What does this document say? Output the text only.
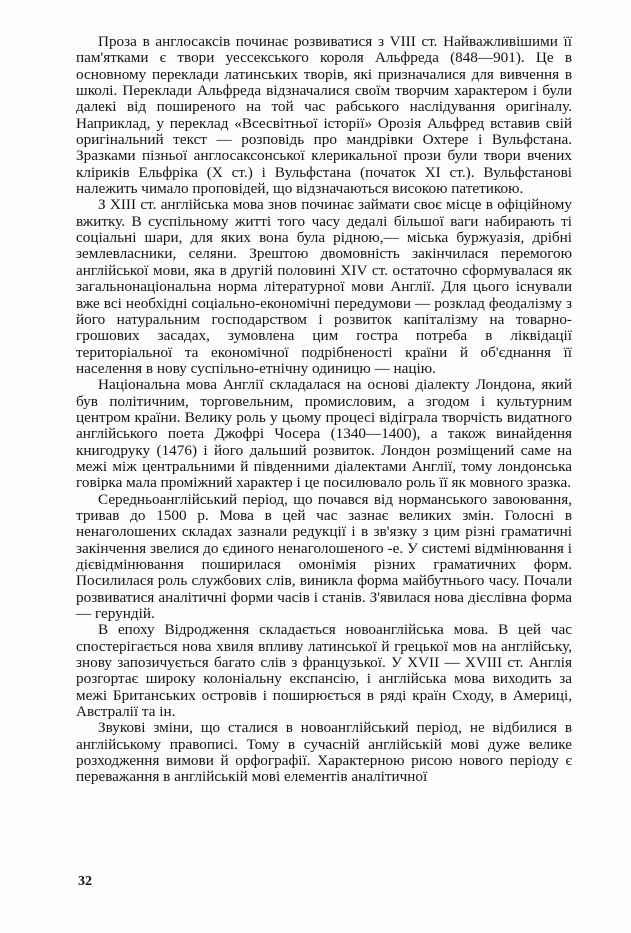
Проза в англосаксів починає розвиватися з VIII ст. Найважливішими її пам'ятками є твори уессекського короля Альфреда (848—901). Це в основному переклади латинських творів, які призначалися для вивчення в школі. Переклади Альфреда відзначалися своїм творчим характером і були далекі від поширеного на той час рабського наслідування оригіналу. Наприклад, у переклад «Всесвітньої історії» Орозія Альфред вставив свій оригінальний текст — розповідь про мандрівки Охтере і Вульфстана. Зразками пізньої англосаксонської клерикальної прози були твори вчених кліриків Ельфріка (X ст.) і Вульфстана (початок XI ст.). Вульфстанові належить чимало проповідей, що відзначаються високою патетикою.

З XIII ст. англійська мова знов починає займати своє місце в офіційному вжитку. В суспільному житті того часу дедалі більшої ваги набирають ті соціальні шари, для яких вона була рідною,— міська буржуазія, дрібні землевласники, селяни. Зрештою двомовність закінчилася перемогою англійської мови, яка в другій половині XIV ст. остаточно сформувалася як загальнонаціональна норма літературної мови Англії. Для цього існували вже всі необхідні соціально-економічні передумови — розклад феодалізму з його натуральним господарством і розвиток капіталізму на товарно-грошових засадах, зумовлена цим гостра потреба в ліквідації територіальної та економічної подрібненості країни й об'єднання її населення в нову суспільно-етнічну одиницю — націю.

Національна мова Англії складалася на основі діалекту Лондона, який був політичним, торговельним, промисловим, а згодом і культурним центром країни. Велику роль у цьому процесі відіграла творчість видатного англійського поета Джофрі Чосера (1340—1400), а також винайдення книгодруку (1476) і його дальший розвиток. Лондон розміщений саме на межі між центральними й південними діалектами Англії, тому лондонська говірка мала проміжний характер і це посилювало роль її як мовного зразка.

Середньоанглійський період, що почався від норманського завоювання, тривав до 1500 р. Мова в цей час зазнає великих змін. Голосні в ненаголошених складах зазнали редукції і в зв'язку з цим різні граматичні закінчення звелися до єдиного ненаголошеного -e. У системі відмінювання і дієвідмінювання поширилася омонімія різних граматичних форм. Посилилася роль службових слів, виникла форма майбутнього часу. Почали розвиватися аналітичні форми часів і станів. З'явилася нова дієслівна форма — герундій.

В епоху Відродження складається новоанглійська мова. В цей час спостерігається нова хвиля впливу латинської й грецької мов на англійську, знову запозичується багато слів з французької. У XVII — XVIII ст. Англія розгортає широку колоніальну експансію, і англійська мова виходить за межі Британських островів і поширюється в ряді країн Сходу, в Америці, Австралії та ін.

Звукові зміни, що сталися в новоанглійський період, не відбилися в англійському правописі. Тому в сучасній англійській мові дуже велике розходження вимови й орфографії. Характерною рисою нового періоду є переважання в англійській мові елементів аналітичної

32
